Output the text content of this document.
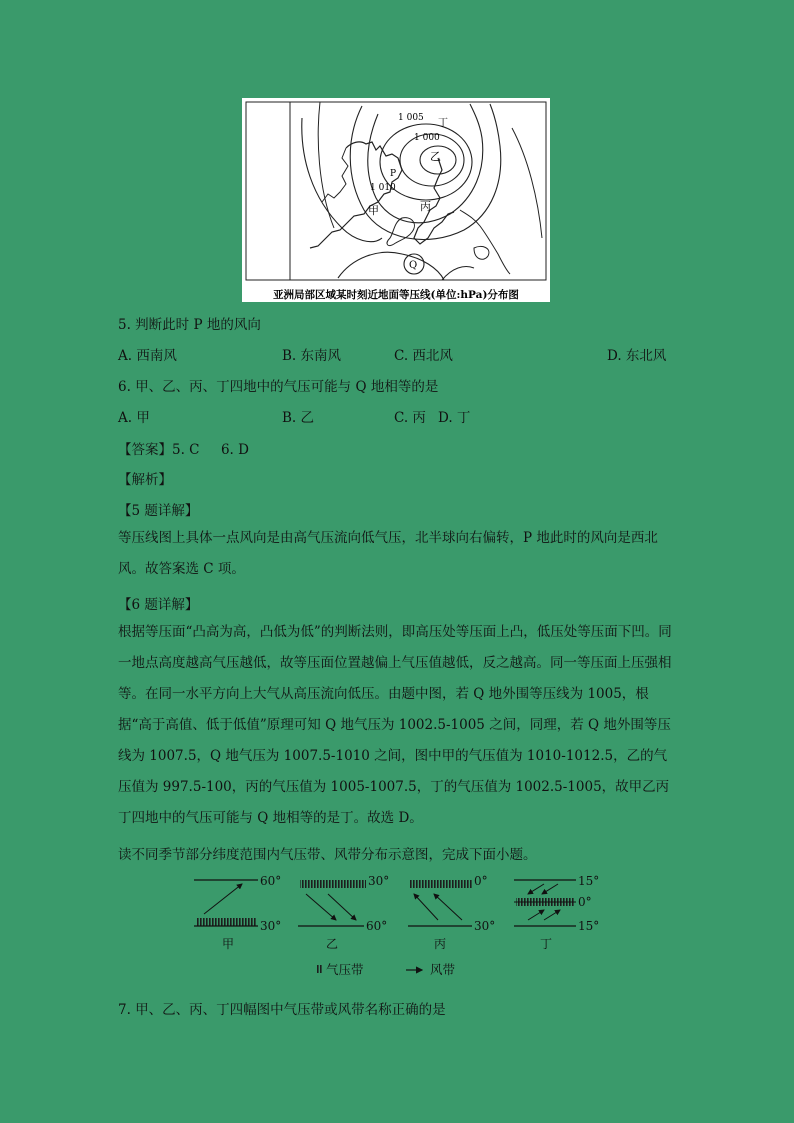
1 005 丁
1 000
乙
P
1 010
甲	丙
Q
亚洲局部区域某时刻近地面等压线(单位:hPa)分布图
5. 判断此时 P 地的风向
A. 西南风	B. 东南风	C. 西北风	D. 东北风
6. 甲、乙、丙、丁四地中的气压可能与 Q 地相等的是
A. 甲	B. 乙	C. 丙 D. 丁
【答案】5. C     6. D
【解析】
【5 题详解】
等压线图上具体一点风向是由高气压流向低气压，北半球向右偏转，P 地此时的风向是西北风。故答案选 C 项。
【6 题详解】
根据等压面“凸高为高，凸低为低”的判断法则，即高压处等压面上凸，低压处等压面下凹。同一地点高度越高气压越低，故等压面位置越偏上气压值越低，反之越高。同一等压面上压强相等。在同一水平方向上大气从高压流向低压。由题中图，若 Q 地外围等压线为 1005，根据“高于高值、低于低值”原理可知 Q 地气压为 1002.5-1005 之间，同理，若 Q 地外围等压线为 1007.5，Q 地气压为 1007.5-1010 之间，图中甲的气压值为 1010-1012.5，乙的气压值为 997.5-100，丙的气压值为 1005-1007.5，丁的气压值为 1002.5-1005，故甲乙丙丁四地中的气压可能与 Q 地相等的是丁。故选 D。
读不同季节部分纬度范围内气压带、风带分布示意图，完成下面小题。
60°
30°
甲
30°
60°
乙
0°
30°
丙
15°
0°
15°
丁
气压带	风带
7. 甲、乙、丙、丁四幅图中气压带或风带名称正确的是
